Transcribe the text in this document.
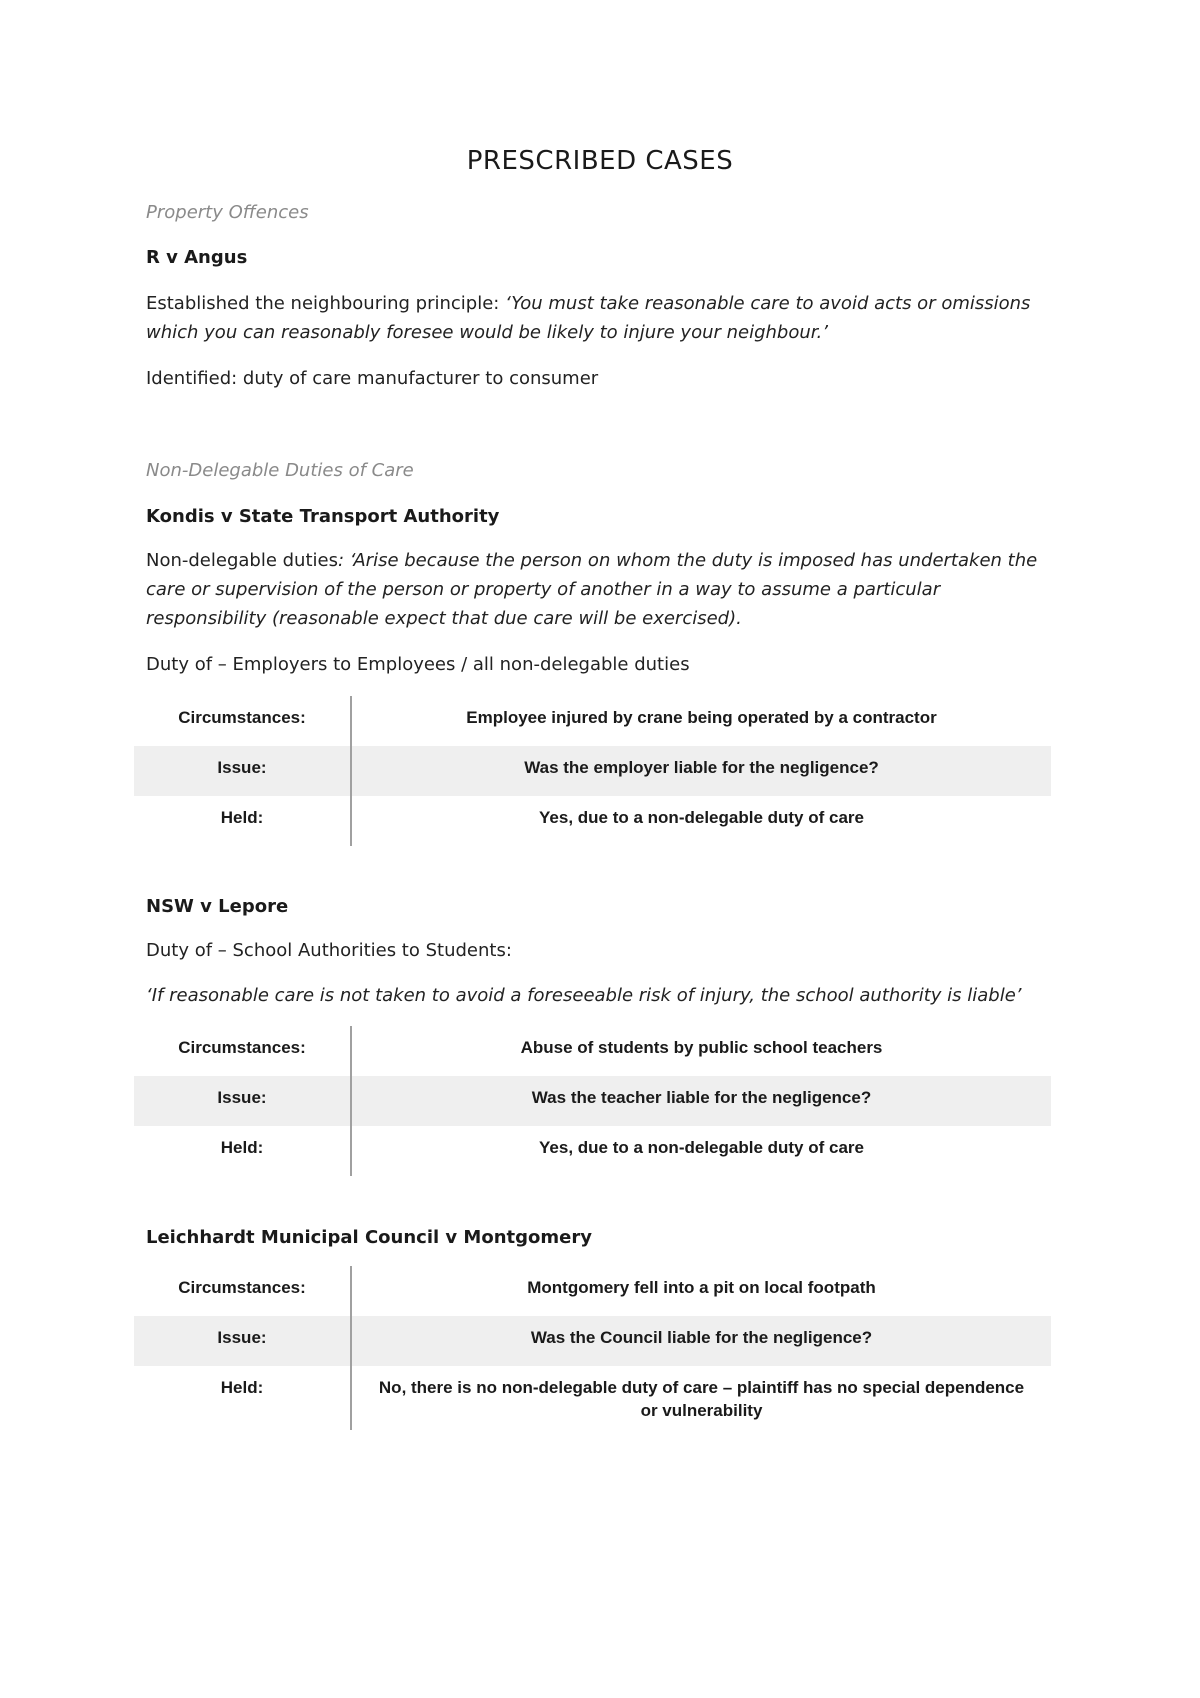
PRESCRIBED CASES
Property Offences
R v Angus
Established the neighbouring principle: ‘You must take reasonable care to avoid acts or omissions which you can reasonably foresee would be likely to injure your neighbour.’
Identified: duty of care manufacturer to consumer
Non-Delegable Duties of Care
Kondis v State Transport Authority
Non-delegable duties: ‘Arise because the person on whom the duty is imposed has undertaken the care or supervision of the person or property of another in a way to assume a particular responsibility (reasonable expect that due care will be exercised).
Duty of – Employers to Employees / all non-delegable duties
Circumstances:	Employee injured by crane being operated by a contractor
Issue:	Was the employer liable for the negligence?
Held:	Yes, due to a non-delegable duty of care
NSW v Lepore
Duty of – School Authorities to Students:
‘If reasonable care is not taken to avoid a foreseeable risk of injury, the school authority is liable’
Circumstances:	Abuse of students by public school teachers
Issue:	Was the teacher liable for the negligence?
Held:	Yes, due to a non-delegable duty of care
Leichhardt Municipal Council v Montgomery
Circumstances:	Montgomery fell into a pit on local footpath
Issue:	Was the Council liable for the negligence?
Held:	No, there is no non-delegable duty of care – plaintiff has no special dependence or vulnerability
